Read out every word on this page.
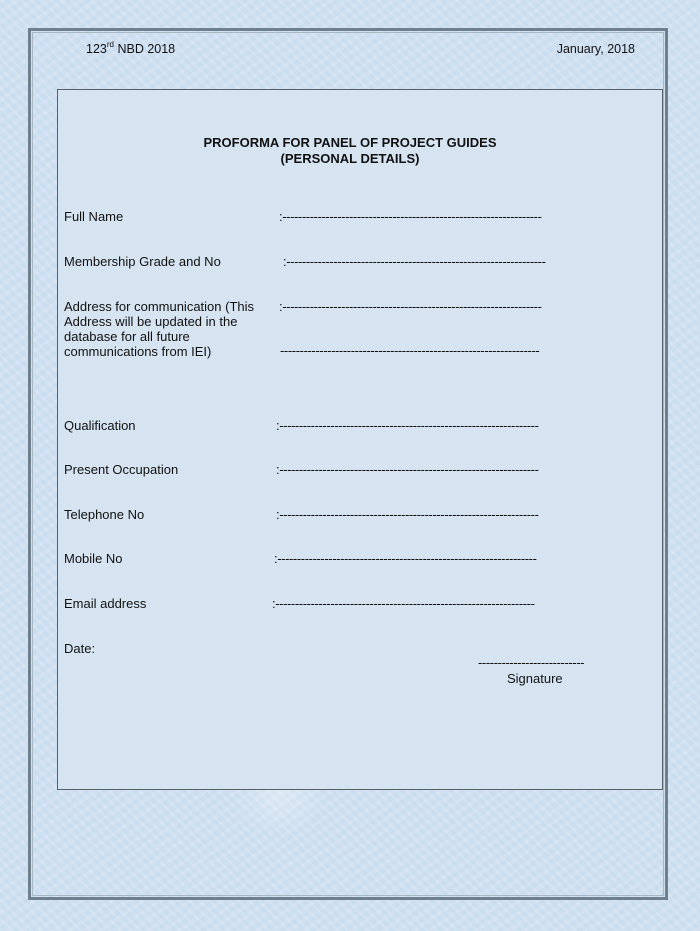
123rd NBD 2018	January, 2018
PROFORMA FOR PANEL OF PROJECT GUIDES
(PERSONAL DETAILS)
Full Name	:------------------------------------------------------------------
Membership Grade and No	:------------------------------------------------------------------
Address for communication (This Address will be updated in the database for all future communications from IEI)
:------------------------------------------------------------------
------------------------------------------------------------------
Qualification	:------------------------------------------------------------------
Present Occupation	:------------------------------------------------------------------
Telephone No	:------------------------------------------------------------------
Mobile No	:------------------------------------------------------------------
Email address	:------------------------------------------------------------------
Date:
---------------------------
Signature
